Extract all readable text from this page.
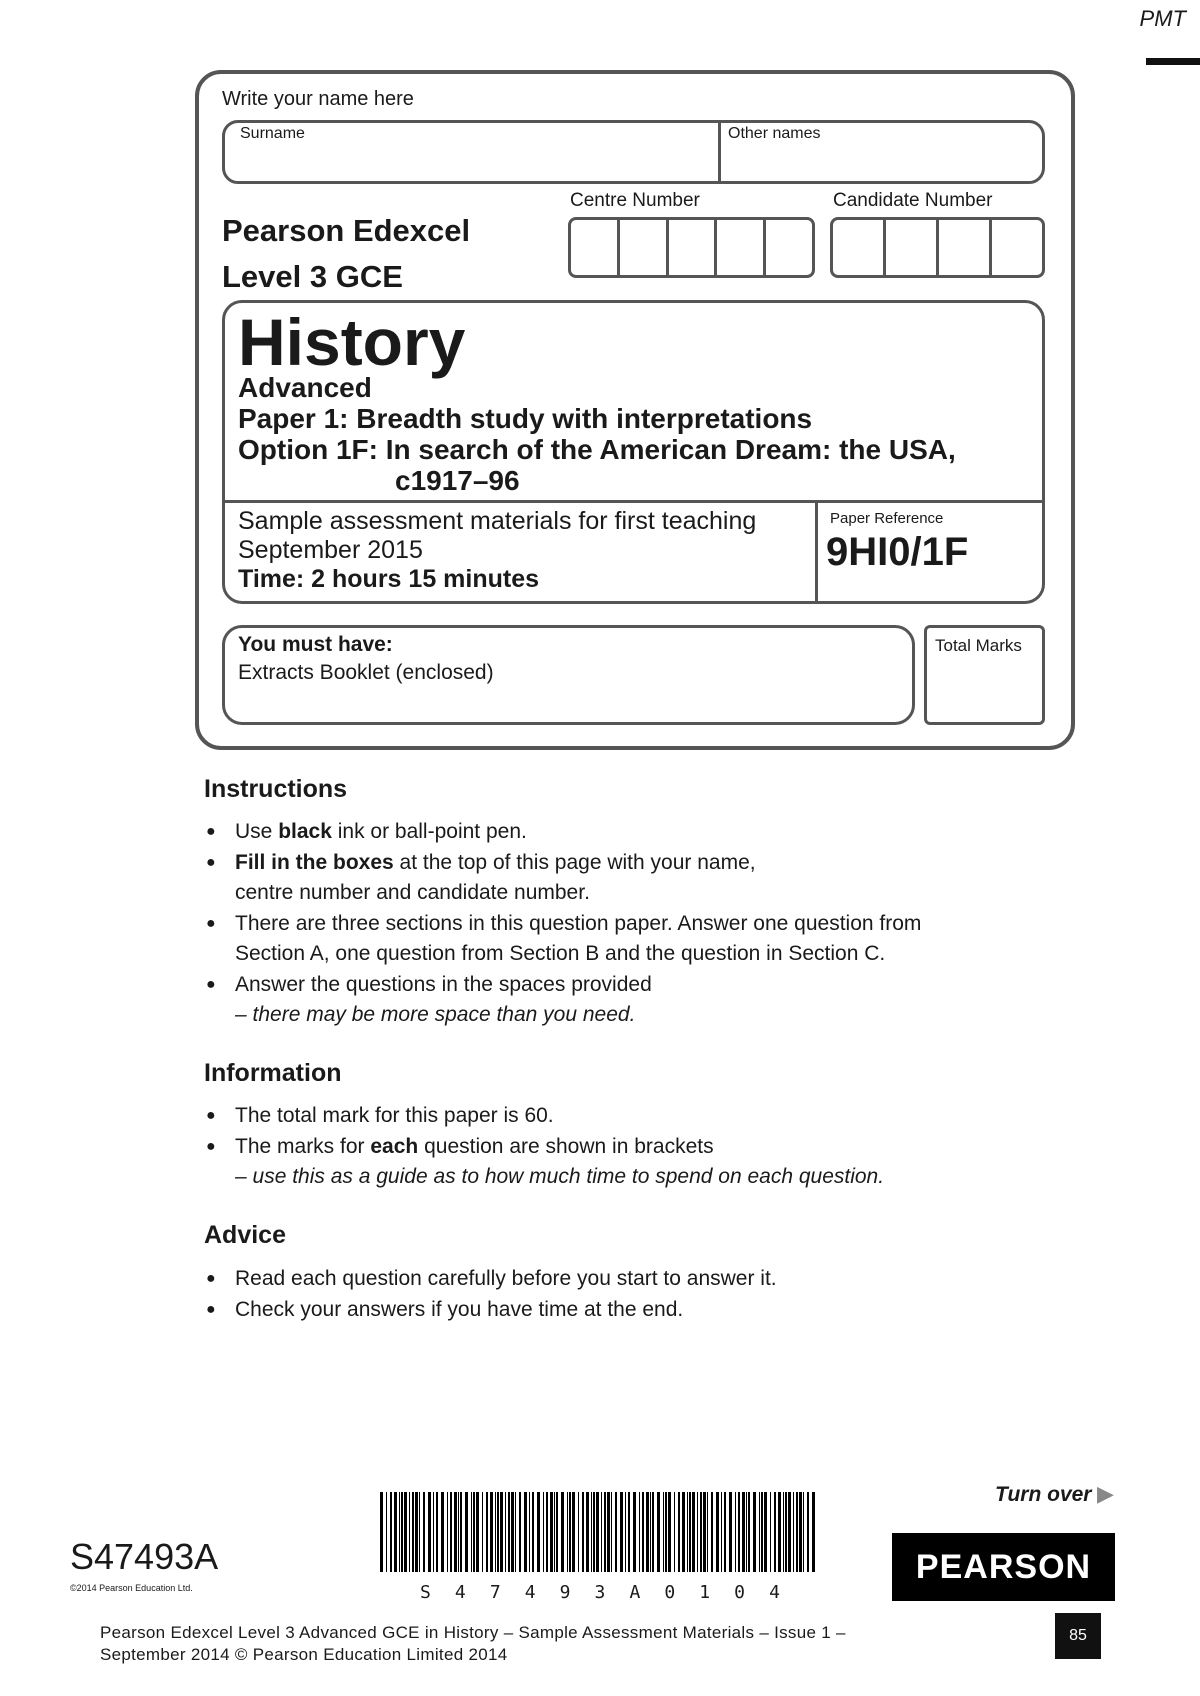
PMT
Write your name here
Surname	Other names
Pearson Edexcel
Level 3 GCE
Centre Number	Candidate Number
History
Advanced
Paper 1: Breadth study with interpretations
Option 1F: In search of the American Dream: the USA,
c1917–96
Sample assessment materials for first teaching
September 2015
Time: 2 hours 15 minutes
Paper Reference
9HI0/1F
You must have:
Extracts Booklet (enclosed)
Total Marks
Instructions
● Use black ink or ball-point pen.
● Fill in the boxes at the top of this page with your name,
centre number and candidate number.
● There are three sections in this question paper. Answer one question from
Section A, one question from Section B and the question in Section C.
● Answer the questions in the spaces provided
– there may be more space than you need.
Information
● The total mark for this paper is 60.
● The marks for each question are shown in brackets
– use this as a guide as to how much time to spend on each question.
Advice
● Read each question carefully before you start to answer it.
● Check your answers if you have time at the end.
Turn over ▶
S47493A
©2014 Pearson Education Ltd.	S 4 7 4 9 3 A 0 1 0 4
PEARSON
Pearson Edexcel Level 3 Advanced GCE in History – Sample Assessment Materials – Issue 1 –
September 2014 © Pearson Education Limited 2014
85
